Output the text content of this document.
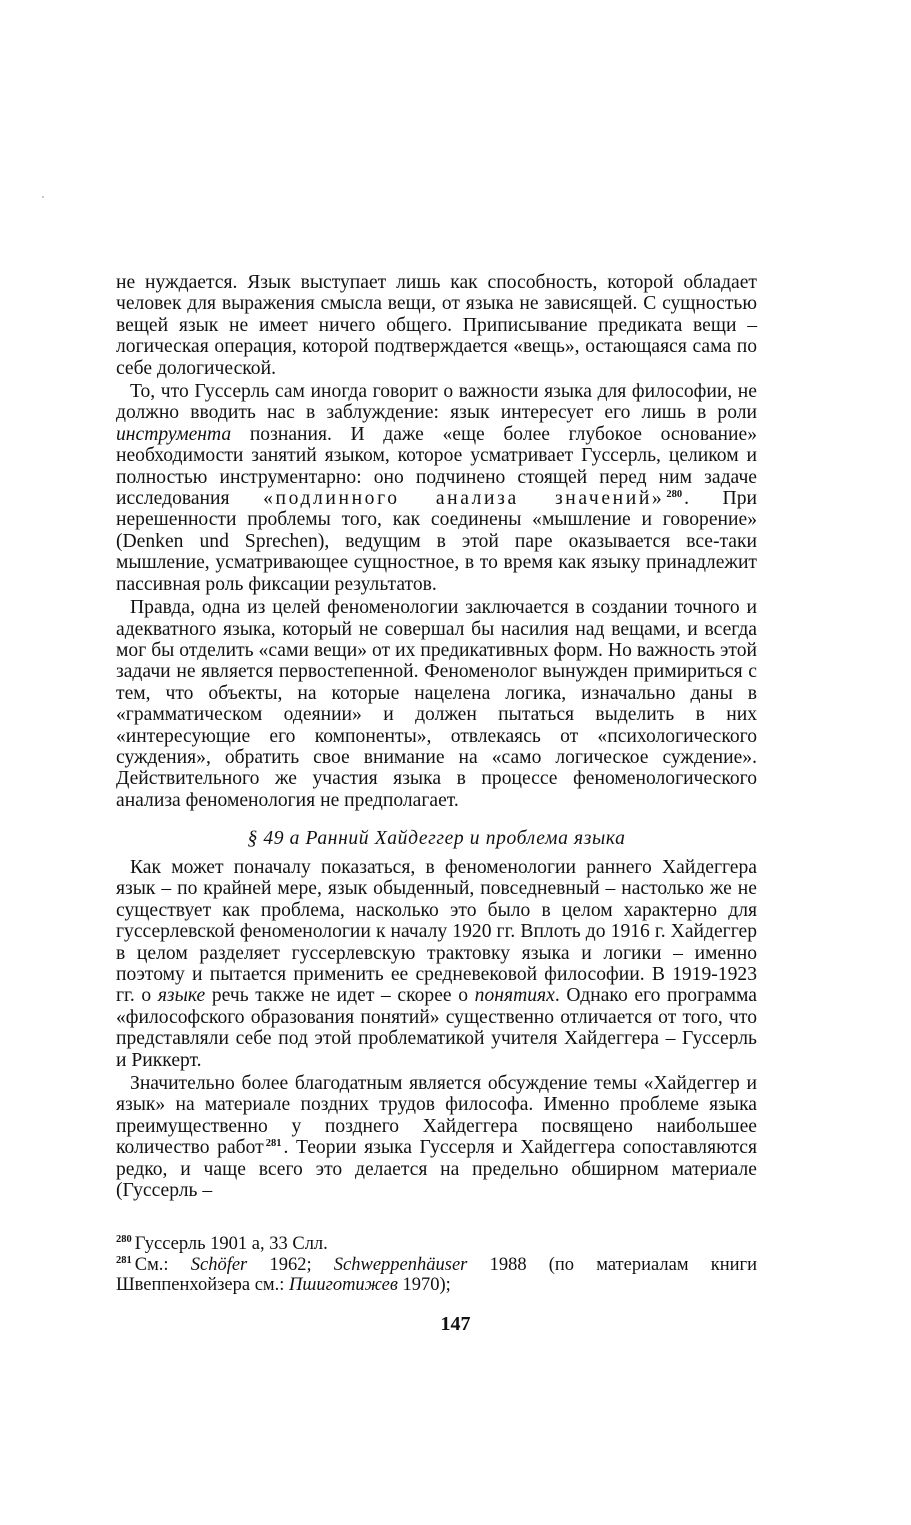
не нуждается. Язык выступает лишь как способность, которой обладает человек для выражения смысла вещи, от языка не зависящей. С сущностью вещей язык не имеет ничего общего. Приписывание предиката вещи – логическая операция, которой подтверждается «вещь», остающаяся сама по себе дологической.

То, что Гуссерль сам иногда говорит о важности языка для философии, не должно вводить нас в заблуждение: язык интересует его лишь в роли инструмента познания. И даже «еще более глубокое основание» необходимости занятий языком, которое усматривает Гуссерль, целиком и полностью инструментарно: оно подчинено стоящей перед ним задаче исследования «подлинного анализа значений» $^{280}$ . При нерешенности проблемы того, как соединены «мышление и говорение» (Denken und Sprechen), ведущим в этой паре оказывается все-таки мышление, усматривающее сущностное, в то время как языку принадлежит пассивная роль фиксации результатов.

Правда, одна из целей феноменологии заключается в создании точного и адекватного языка, который не совершал бы насилия над вещами, и всегда мог бы отделить «сами вещи» от их предикативных форм. Но важность этой задачи не является первостепенной. Феноменолог вынужден примириться с тем, что объекты, на которые нацелена логика, изначально даны в «грамматическом одеянии» и должен пытаться выделить в них «интересующие его компоненты», отвлекаясь от «психологического суждения», обратить свое внимание на «само логическое суждение». Действительного же участия языка в процессе феноменологического анализа феноменология не предполагает.

§ 49 а Ранний Хайдеггер и проблема языка

Как может поначалу показаться, в феноменологии раннего Хайдеггера язык – по крайней мере, язык обыденный, повседневный – настолько же не существует как проблема, насколько это было в целом характерно для гуссерлевской феноменологии к началу 1920 гг. Вплоть до 1916 г. Хайдеггер в целом разделяет гуссерлевскую трактовку языка и логики – именно поэтому и пытается применить ее средневековой философии. В 1919-1923 гг. о языке речь также не идет – скорее о понятиях. Однако его программа «философского образования понятий» существенно отличается от того, что представляли себе под этой проблематикой учителя Хайдеггера – Гуссерль и Риккерт.

Значительно более благодатным является обсуждение темы «Хайдеггер и язык» на материале поздних трудов философа. Именно проблеме языка преимущественно у позднего Хайдеггера посвящено наибольшее количество работ $^{281}$ . Теории языка Гуссерля и Хайдеггера сопоставляются редко, и чаще всего это делается на предельно обширном материале (Гуссерль –

$^{280}$ Гуссерль 1901 а, 33 Слл.

$^{281}$ См.: Schöfer 1962; Schweppenhäuser 1988 (по материалам книги Швеппенхойзера см.: Пшиготижев 1970);

147
